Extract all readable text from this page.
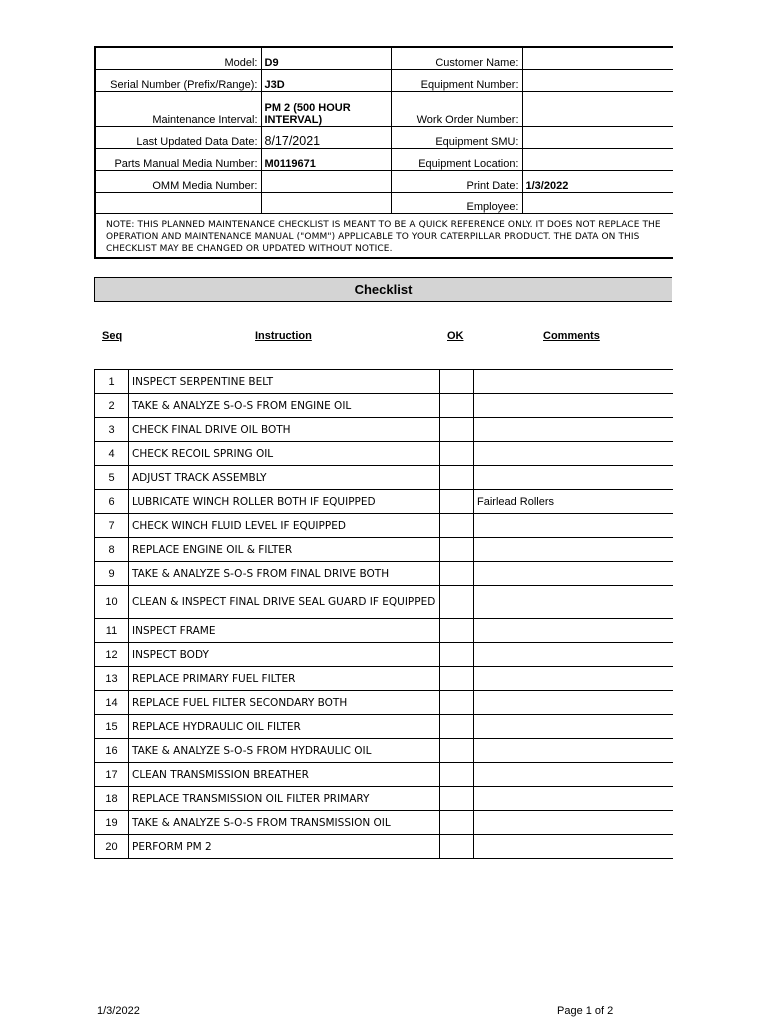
Model:	D9	Customer Name:	
Serial Number (Prefix/Range):	J3D	Equipment Number:	
Maintenance Interval:	PM 2 (500 HOUR INTERVAL)	Work Order Number:	
Last Updated Data Date:	8/17/2021	Equipment SMU:	
Parts Manual Media Number:	M0119671	Equipment Location:	
OMM Media Number:		Print Date:	1/3/2022
		Employee:	
NOTE: THIS PLANNED MAINTENANCE CHECKLIST IS MEANT TO BE A QUICK REFERENCE ONLY. IT DOES NOT REPLACE THE OPERATION AND MAINTENANCE MANUAL ("OMM") APPLICABLE TO YOUR CATERPILLAR PRODUCT. THE DATA ON THIS CHECKLIST MAY BE CHANGED OR UPDATED WITHOUT NOTICE.			
Checklist
Seq	Instruction	OK	Comments
1	INSPECT SERPENTINE BELT		
2	TAKE & ANALYZE S-O-S FROM ENGINE OIL		
3	CHECK FINAL DRIVE OIL BOTH		
4	CHECK RECOIL SPRING OIL		
5	ADJUST TRACK ASSEMBLY		
6	LUBRICATE WINCH ROLLER BOTH IF EQUIPPED		Fairlead Rollers
7	CHECK WINCH FLUID LEVEL IF EQUIPPED		
8	REPLACE ENGINE OIL & FILTER		
9	TAKE & ANALYZE S-O-S FROM FINAL DRIVE BOTH		
10	CLEAN & INSPECT FINAL DRIVE SEAL GUARD IF EQUIPPED		
11	INSPECT FRAME		
12	INSPECT BODY		
13	REPLACE PRIMARY FUEL FILTER		
14	REPLACE FUEL FILTER SECONDARY BOTH		
15	REPLACE HYDRAULIC OIL FILTER		
16	TAKE & ANALYZE S-O-S FROM HYDRAULIC OIL		
17	CLEAN TRANSMISSION BREATHER		
18	REPLACE TRANSMISSION OIL FILTER PRIMARY		
19	TAKE & ANALYZE S-O-S FROM TRANSMISSION OIL		
20	PERFORM PM 2		
1/3/2022	Page 1 of 2
